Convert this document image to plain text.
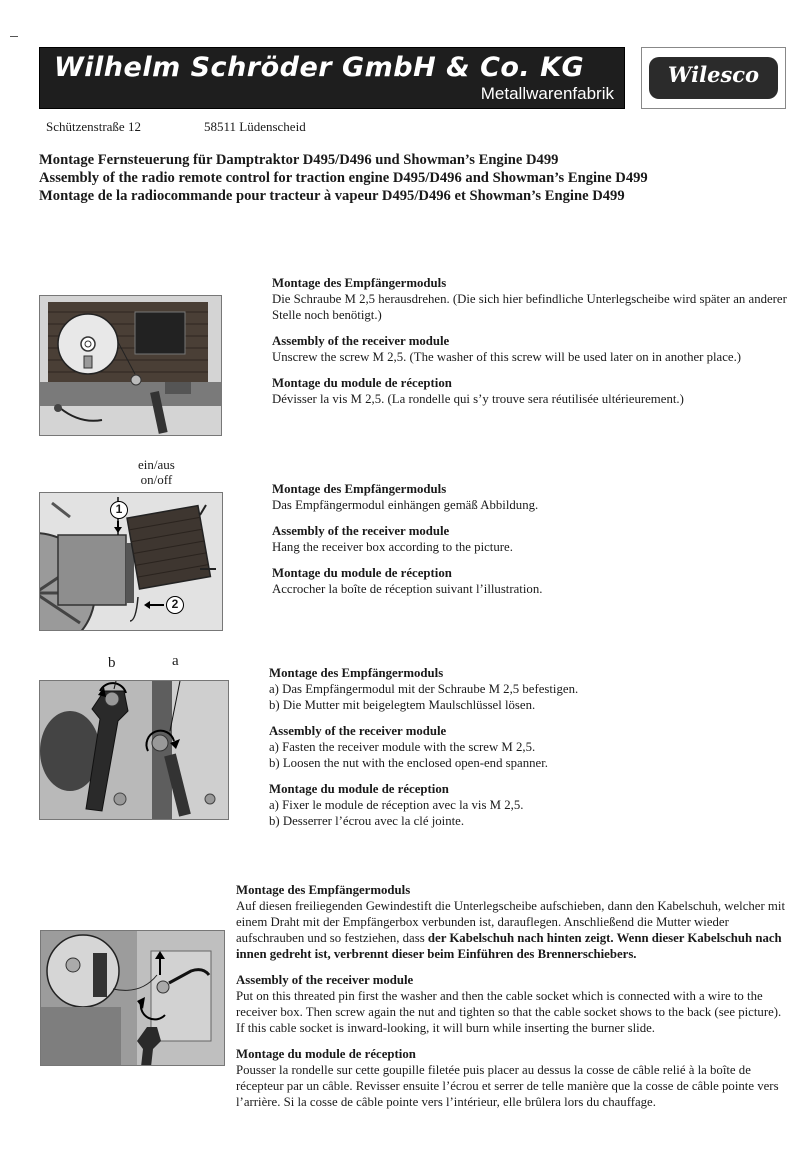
Wilhelm Schröder GmbH & Co. KG
Metallwarenfabrik
Wilesco
Schützenstraße 12	58511 Lüdenscheid
Montage Fernsteuerung für Damptraktor D495/D496 und Showman’s Engine D499
Assembly of the radio remote control for traction engine D495/D496 and Showman’s Engine D499
Montage de la radiocommande pour tracteur à vapeur D495/D496 et Showman’s Engine D499

Montage des Empfängermoduls

Die Schraube M 2,5 herausdrehen. (Die sich hier befindliche Unterlegscheibe wird später an anderer Stelle noch benötigt.)

Assembly of the receiver module

Unscrew the screw M 2,5. (The washer of this screw will be used later on in another place.)

Montage du module de réception

Dévisser la vis M 2,5. (La rondelle qui s’y trouve sera réutilisée ultérieurement.)

ein/aus
on/off
1
2

Montage des Empfängermoduls

Das Empfängermodul einhängen gemäß Abbildung.

Assembly of the receiver module

Hang the receiver box according to the picture.

Montage du module de réception

Accrocher la boîte de réception suivant l’illustration.

b	a

Montage des Empfängermoduls

a) Das Empfängermodul mit der Schraube M 2,5 befestigen.

b) Die Mutter mit beigelegtem Maulschlüssel lösen.

Assembly of the receiver module

a) Fasten the receiver module with the screw M 2,5.

b) Loosen the nut with the enclosed open-end spanner.

Montage du module de réception

a) Fixer le module de réception avec la vis M 2,5.

b) Desserrer l’écrou avec la clé jointe.

Montage des Empfängermoduls

Auf diesen freiliegenden Gewindestift die Unterlegscheibe aufschieben, dann den Kabelschuh, welcher mit einem Draht mit der Empfängerbox verbunden ist, darauflegen. Anschließend die Mutter wieder aufschrauben und so festziehen, dass der Kabelschuh nach hinten zeigt. Wenn dieser Kabelschuh nach innen gedreht ist, verbrennt dieser beim Einführen des Brennerschiebers.

Assembly of the receiver module

Put on this threated pin first the washer and then the cable socket which is connected with a wire to the receiver box. Then screw again the nut and tighten so that the cable socket shows to the back (see picture). If this cable socket is inward-looking, it will burn while inserting the burner slide.

Montage du module de réception

Pousser la rondelle sur cette goupille filetée puis placer au dessus la cosse de câble relié à la boîte de récepteur par un câble. Revisser ensuite l’écrou et serrer de telle manière que la cosse de câble pointe vers l’arrière. Si la cosse de câble pointe vers l’intérieur, elle brûlera lors du chauffage.
